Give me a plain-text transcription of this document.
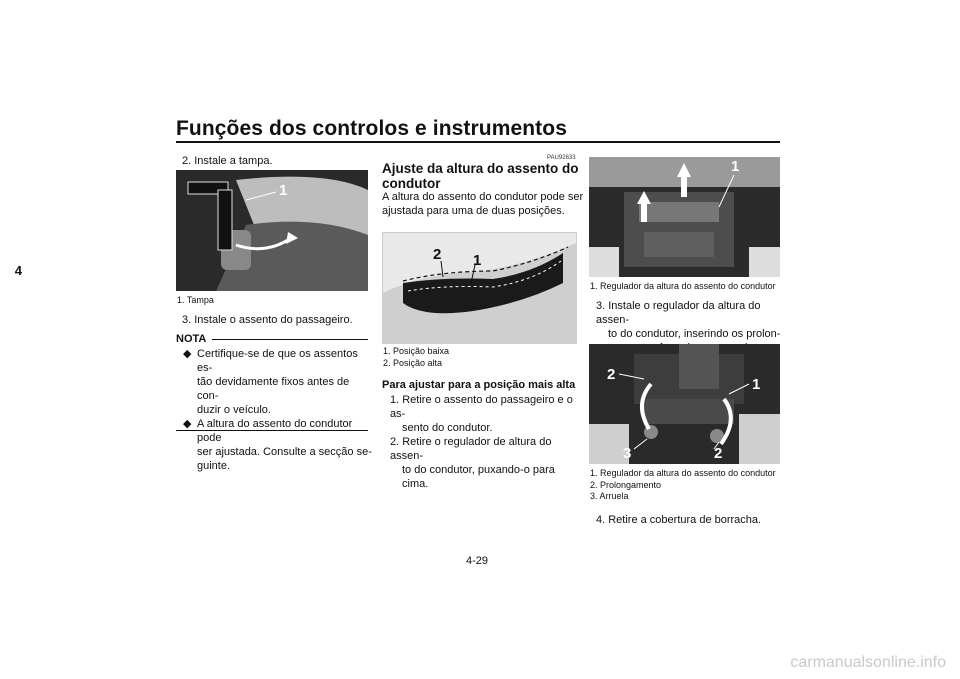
Funções dos controlos e instrumentos
4
2. Instale a tampa.
1
1. Tampa
3. Instale o assento do passageiro.
NOTA
◆ Certifique-se de que os assentos es-
tão devidamente fixos antes de con-
duzir o veículo.
◆ A altura do assento do condutor pode
ser ajustada. Consulte a secção se-
guinte.
PAU92633
Ajuste da altura do assento do
condutor
A altura do assento do condutor pode ser
ajustada para uma de duas posições.
2 1
1. Posição baixa
2. Posição alta
Para ajustar para a posição mais alta
1. Retire o assento do passageiro e o as-
sento do condutor.
2. Retire o regulador de altura do assen-
to do condutor, puxando-o para cima.
1
1. Regulador da altura do assento do condutor
3. Instale o regulador da altura do assen-
to do condutor, inserindo os prolon-
2
1
3	2
1. Regulador da altura do assento do condutor
2. Prolongamento
3. Arruela
4. Retire a cobertura de borracha.
4-29
carmanualsonline.info
